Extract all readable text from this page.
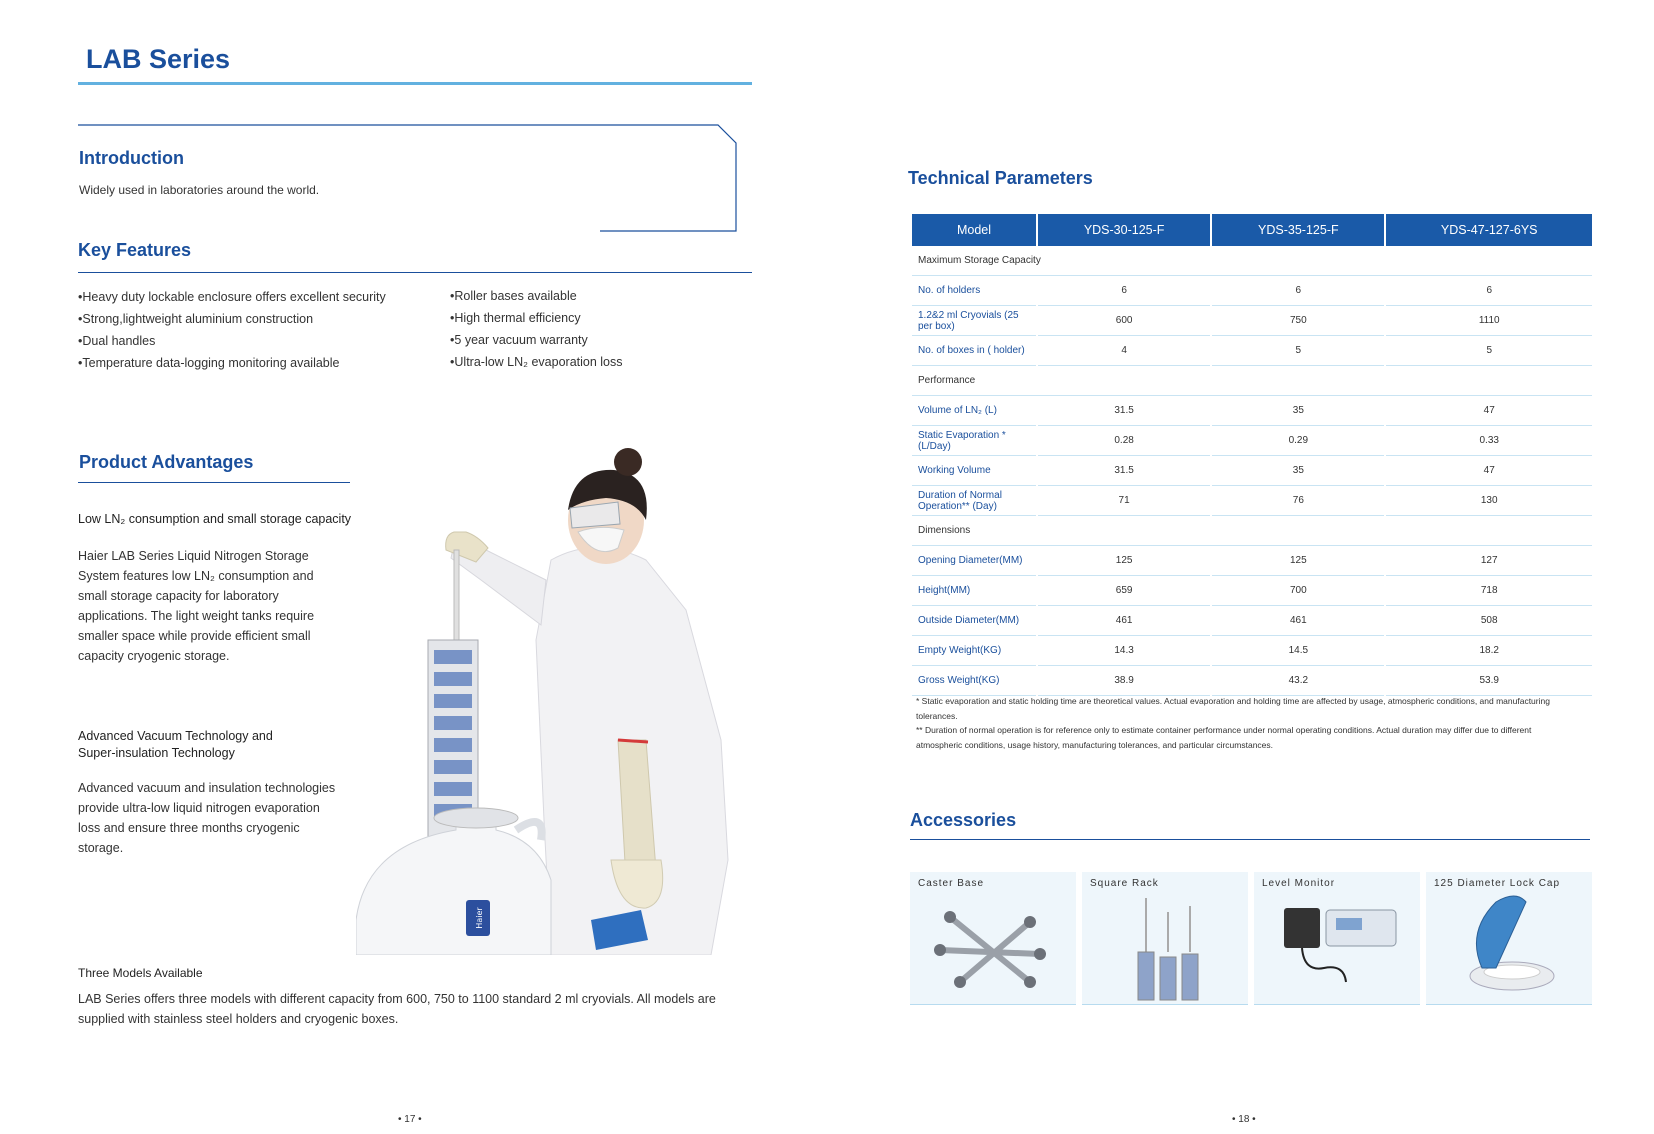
LAB Series
Introduction
Widely used in laboratories around the world.
Key Features
• Heavy duty lockable enclosure offers excellent security
• Strong,lightweight aluminium construction
• Dual handles
• Temperature data-logging monitoring available
• Roller bases available
• High thermal efficiency
• 5 year vacuum warranty
• Ultra-low LN₂ evaporation loss
Product Advantages
Low LN₂ consumption and small storage capacity
Haier LAB Series Liquid Nitrogen Storage System features low LN₂ consumption and small storage capacity for laboratory applications. The light weight tanks require smaller space while provide efficient small capacity cryogenic storage.
Advanced Vacuum Technology and
Super-insulation Technology
Advanced vacuum and insulation technologies provide ultra-low liquid nitrogen evaporation loss and ensure three months cryogenic storage.
Haier
Three Models Available
LAB Series offers three models with different capacity from 600, 750 to 1100 standard 2 ml cryovials. All models are supplied with stainless steel holders and cryogenic boxes.
• 17 •
Technical Parameters
Model	YDS-30-125-F	YDS-35-125-F	YDS-47-127-6YS
Maximum Storage Capacity			
No. of holders	6	6	6
1.2&2 ml Cryovials (25 per box)	600	750	1110
No. of boxes in ( holder)	4	5	5
Performance			
Volume of LN₂ (L)	31.5	35	47
Static Evaporation * (L/Day)	0.28	0.29	0.33
Working Volume	31.5	35	47
Duration of Normal Operation** (Day)	71	76	130
Dimensions			
Opening Diameter(MM)	125	125	127
Height(MM)	659	700	718
Outside Diameter(MM)	461	461	508
Empty Weight(KG)	14.3	14.5	18.2
Gross Weight(KG)	38.9	43.2	53.9
* Static evaporation and static holding time are theoretical values. Actual evaporation and holding time are affected by usage, atmospheric conditions, and manufacturing tolerances.
** Duration of normal operation is for reference only to estimate container performance under normal operating conditions. Actual duration may differ due to different atmospheric conditions, usage history, manufacturing tolerances, and particular circumstances.
Accessories
Caster Base	Square Rack	Level Monitor	125 Diameter Lock Cap
• 18 •
